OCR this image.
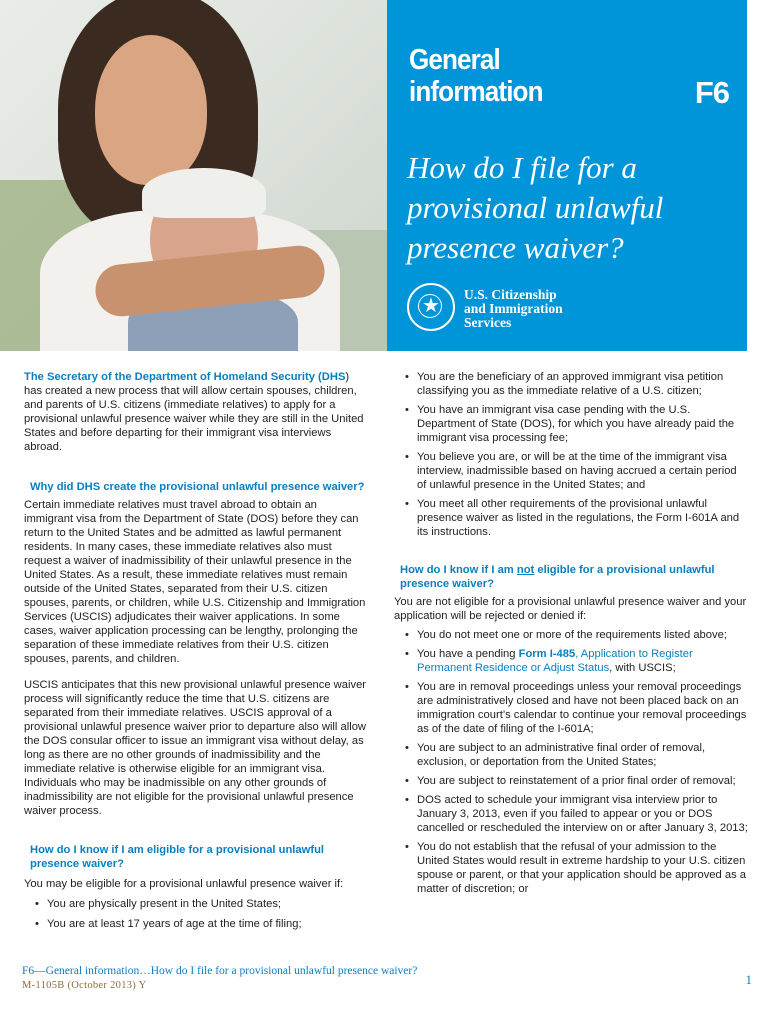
General
information	F6
How do I file for a provisional unlawful presence waiver?
★
U.S. Citizenship
and Immigration
Services

The Secretary of the Department of Homeland Security (DHS) has created a new process that will allow certain spouses, children, and parents of U.S. citizens (immediate relatives) to apply for a provisional unlawful presence waiver while they are still in the United States and before departing for their immigrant visa interviews abroad.

Why did DHS create the provisional unlawful presence waiver?

Certain immediate relatives must travel abroad to obtain an immigrant visa from the Department of State (DOS) before they can return to the United States and be admitted as lawful permanent residents. In many cases, these immediate relatives also must request a waiver of inadmissibility of their unlawful presence in the United States. As a result, these immediate relatives must remain outside of the United States, separated from their U.S. citizen spouses, parents, or children, while U.S. Citizenship and Immigration Services (USCIS) adjudicates their waiver applications. In some cases, waiver application processing can be lengthy, prolonging the separation of these immediate relatives from their U.S. citizen spouses, parents, and children.

USCIS anticipates that this new provisional unlawful presence waiver process will significantly reduce the time that U.S. citizens are separated from their immediate relatives. USCIS approval of a provisional unlawful presence waiver prior to departure also will allow the DOS consular officer to issue an immigrant visa without delay, as long as there are no other grounds of inadmissibility and the immediate relative is otherwise eligible for an immigrant visa. Individuals who may be inadmissible on any other grounds of inadmissibility are not eligible for the provisional unlawful presence waiver process.

How do I know if I am eligible for a provisional unlawful presence waiver?

You may be eligible for a provisional unlawful presence waiver if:

• You are physically present in the United States;
• You are at least 17 years of age at the time of filing;
• You are the beneficiary of an approved immigrant visa petition classifying you as the immediate relative of a U.S. citizen;
• You have an immigrant visa case pending with the U.S. Department of State (DOS), for which you have already paid the immigrant visa processing fee;
• You believe you are, or will be at the time of the immigrant visa interview, inadmissible based on having accrued a certain period of unlawful presence in the United States; and
• You meet all other requirements of the provisional unlawful presence waiver as listed in the regulations, the Form I-601A and its instructions.

How do I know if I am not eligible for a provisional unlawful presence waiver?

You are not eligible for a provisional unlawful presence waiver and your application will be rejected or denied if:

• You do not meet one or more of the requirements listed above;
• You have a pending Form I-485, Application to Register Permanent Residence or Adjust Status, with USCIS;
• You are in removal proceedings unless your removal proceedings are administratively closed and have not been placed back on an immigration court’s calendar to continue your removal proceedings as of the date of filing of the I-601A;
• You are subject to an administrative final order of removal, exclusion, or deportation from the United States;
• You are subject to reinstatement of a prior final order of removal;
• DOS acted to schedule your immigrant visa interview prior to January 3, 2013, even if you failed to appear or you or DOS cancelled or rescheduled the interview on or after January 3, 2013;
• You do not establish that the refusal of your admission to the United States would result in extreme hardship to your U.S. citizen spouse or parent, or that your application should be approved as a matter of discretion; or
F6—General information…How do I file for a provisional unlawful presence waiver?
M-1105B (October 2013) Y	1
